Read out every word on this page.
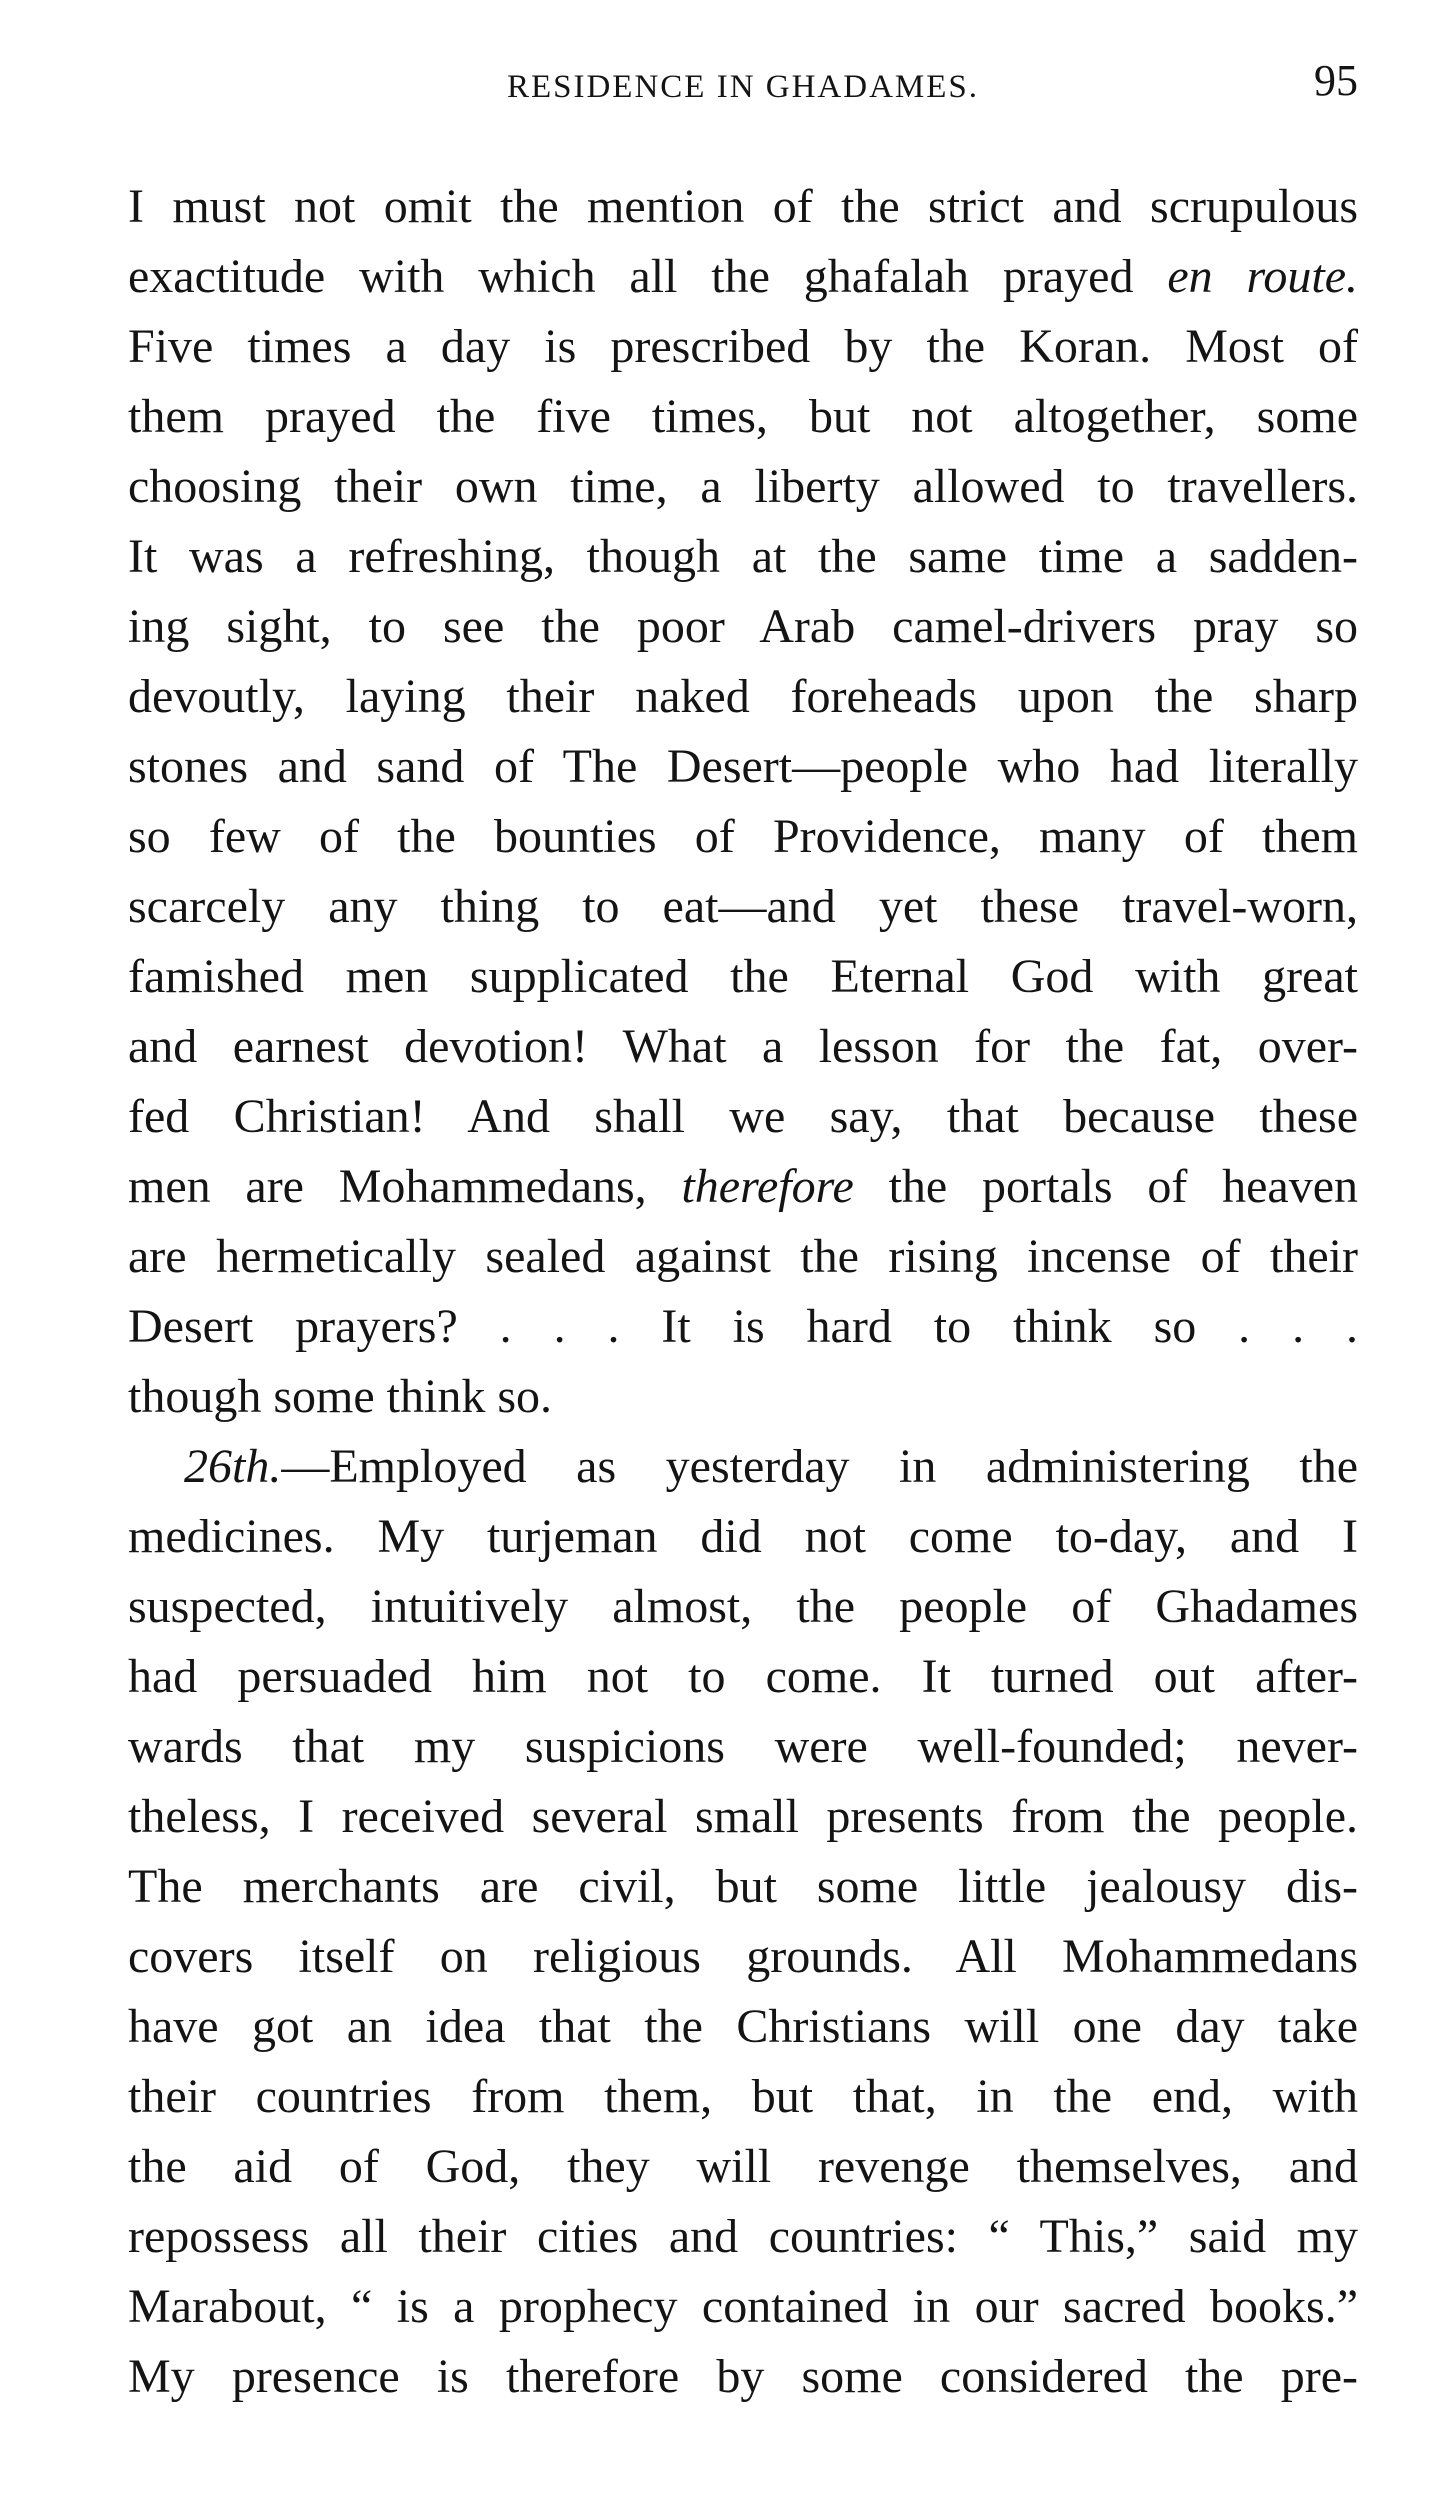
RESIDENCE IN GHADAMES.	95
I must not omit the mention of the strict and scrupulous
exactitude with which all the ghafalah prayed en route.
Five times a day is prescribed by the Koran. Most of
them prayed the five times, but not altogether, some
choosing their own time, a liberty allowed to travellers.
It was a refreshing, though at the same time a sadden-
ing sight, to see the poor Arab camel-drivers pray so
devoutly, laying their naked foreheads upon the sharp
stones and sand of The Desert—people who had literally
so few of the bounties of Providence, many of them
scarcely any thing to eat—and yet these travel-worn,
famished men supplicated the Eternal God with great
and earnest devotion! What a lesson for the fat, over-
fed Christian! And shall we say, that because these
men are Mohammedans, therefore the portals of heaven
are hermetically sealed against the rising incense of their
Desert prayers? . . . It is hard to think so . . .
though some think so.
26th.—Employed as yesterday in administering the
medicines. My turjeman did not come to-day, and I
suspected, intuitively almost, the people of Ghadames
had persuaded him not to come. It turned out after-
wards that my suspicions were well-founded; never-
theless, I received several small presents from the people.
The merchants are civil, but some little jealousy dis-
covers itself on religious grounds. All Mohammedans
have got an idea that the Christians will one day take
their countries from them, but that, in the end, with
the aid of God, they will revenge themselves, and
repossess all their cities and countries: “ This,” said my
Marabout, “ is a prophecy contained in our sacred books.”
My presence is therefore by some considered the pre-
